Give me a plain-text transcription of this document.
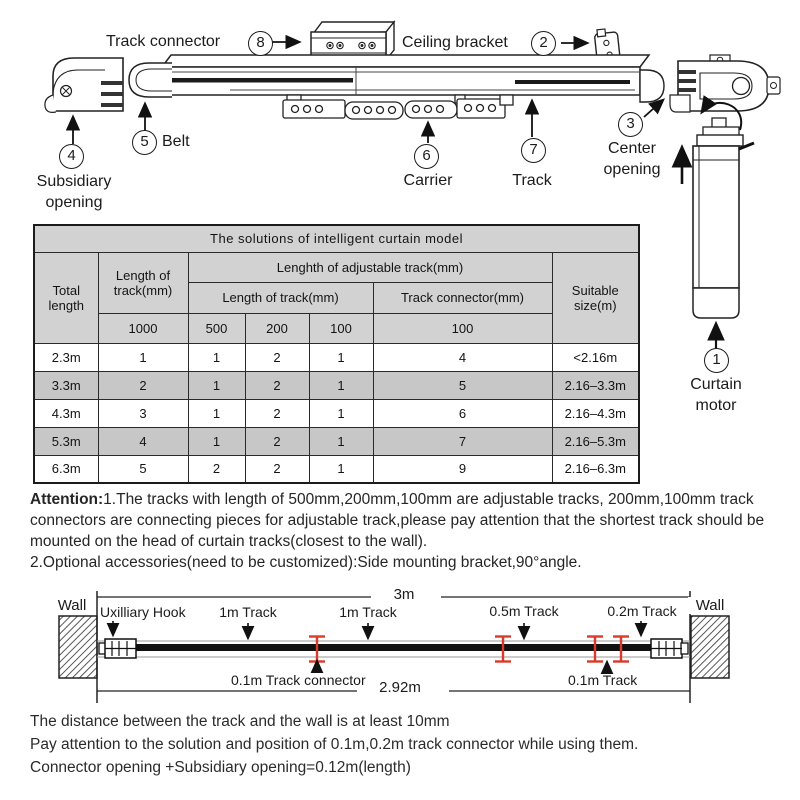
Track connector	8	Ceiling bracket	2
3
Center opening
4
Subsidiary opening
5 Belt
6
Carrier
7
Track
1
Curtain motor
The solutions of intelligent curtain model						
Total length	Length of track(mm)	Lenghth of adjustable track(mm)				Suitable size(m)
		Length of track(mm)			Track connector(mm)	
	1000	500	200	100	100	
2.3m	1	1	2	1	4	<2.16m
3.3m	2	1	2	1	5	2.16–3.3m
4.3m	3	1	2	1	6	2.16–4.3m
5.3m	4	1	2	1	7	2.16–5.3m
6.3m	5	2	2	1	9	2.16–6.3m

Attention:1.The tracks with length of 500mm,200mm,100mm are adjustable tracks, 200mm,100mm track connectors are connecting pieces for adjustable track,please pay attention that the shortest track should be mounted on the head of curtain tracks(closest to the wall).

2.Optional accessories(need to be customized):Side mounting bracket,90°angle.

Wall	Wall
3m
Uxilliary Hook	1m Track	1m Track	0.5m Track	0.2m Track
0.1m Track connector	0.1m Track
2.92m
The distance between the track and the wall is at least 10mm
Pay attention to the solution and position of 0.1m,0.2m track connector while using them.
Connector opening +Subsidiary opening=0.12m(length)
